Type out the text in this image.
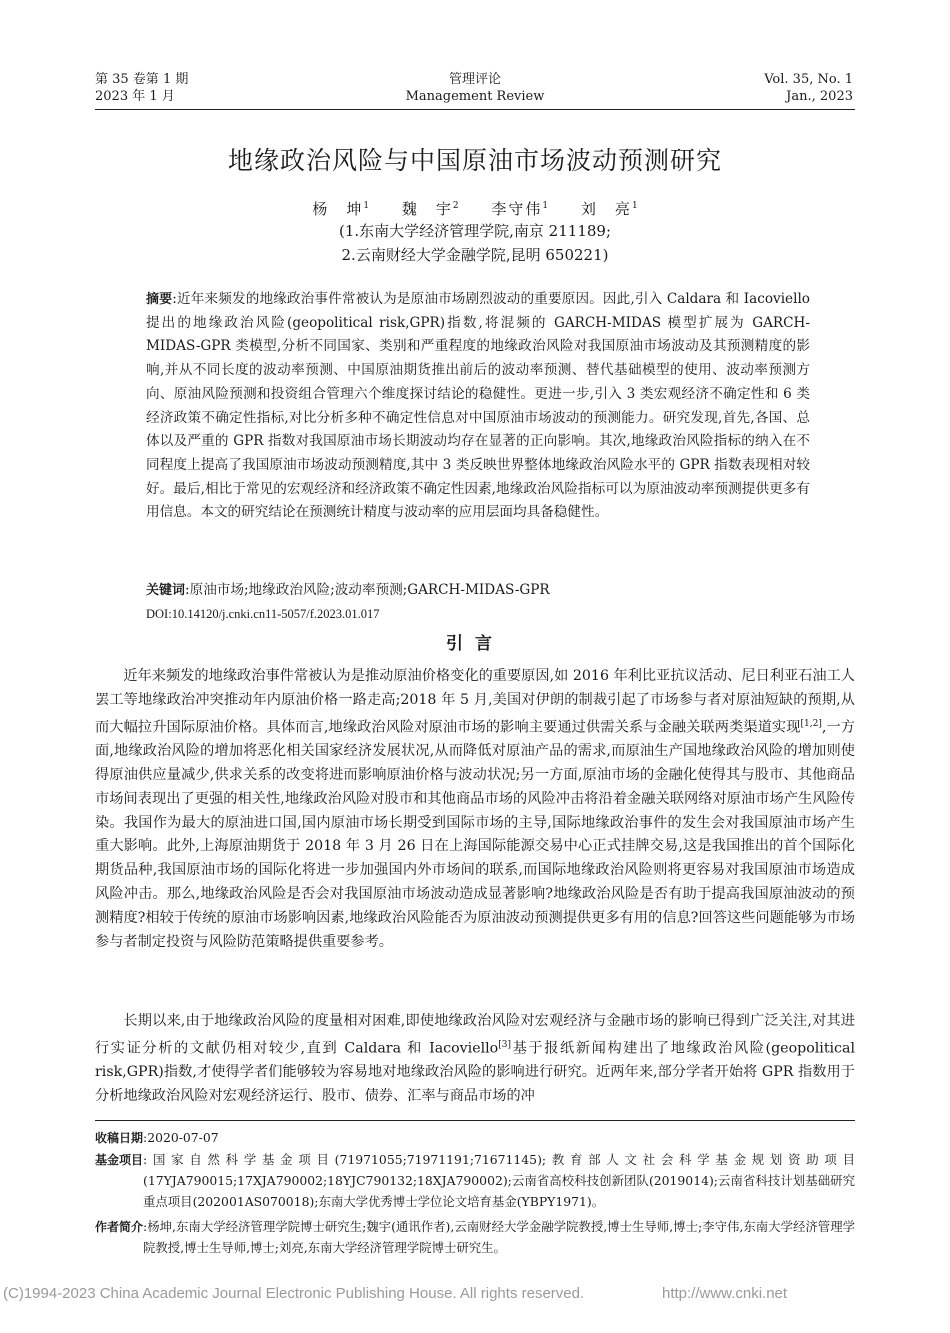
第 35 卷第 1 期
2023 年 1 月
管理评论
Management Review
Vol. 35, No. 1
Jan., 2023
地缘政治风险与中国原油市场波动预测研究
杨　坤$^1$ 魏　宇$^2$ 李守伟$^1$ 刘　亮$^1$
(1.东南大学经济管理学院,南京 211189;
2.云南财经大学金融学院,昆明 650221)
摘要:近年来频发的地缘政治事件常被认为是原油市场剧烈波动的重要原因。因此,引入 Caldara 和 Iacoviello 提出的地缘政治风险(geopolitical risk,GPR)指数,将混频的 GARCH-MIDAS 模型扩展为 GARCH-MIDAS-GPR 类模型,分析不同国家、类别和严重程度的地缘政治风险对我国原油市场波动及其预测精度的影响,并从不同长度的波动率预测、中国原油期货推出前后的波动率预测、替代基础模型的使用、波动率预测方向、原油风险预测和投资组合管理六个维度探讨结论的稳健性。更进一步,引入 3 类宏观经济不确定性和 6 类经济政策不确定性指标,对比分析多种不确定性信息对中国原油市场波动的预测能力。研究发现,首先,各国、总体以及严重的 GPR 指数对我国原油市场长期波动均存在显著的正向影响。其次,地缘政治风险指标的纳入在不同程度上提高了我国原油市场波动预测精度,其中 3 类反映世界整体地缘政治风险水平的 GPR 指数表现相对较好。最后,相比于常见的宏观经济和经济政策不确定性因素,地缘政治风险指标可以为原油波动率预测提供更多有用信息。本文的研究结论在预测统计精度与波动率的应用层面均具备稳健性。
关键词:原油市场;地缘政治风险;波动率预测;GARCH-MIDAS-GPR
DOI:10.14120/j.cnki.cn11-5057/f.2023.01.017
引言

近年来频发的地缘政治事件常被认为是推动原油价格变化的重要原因,如 2016 年利比亚抗议活动、尼日利亚石油工人罢工等地缘政治冲突推动年内原油价格一路走高;2018 年 5 月,美国对伊朗的制裁引起了市场参与者对原油短缺的预期,从而大幅拉升国际原油价格。具体而言,地缘政治风险对原油市场的影响主要通过供需关系与金融关联两类渠道实现[1,2],一方面,地缘政治风险的增加将恶化相关国家经济发展状况,从而降低对原油产品的需求,而原油生产国地缘政治风险的增加则使得原油供应量减少,供求关系的改变将进而影响原油价格与波动状况;另一方面,原油市场的金融化使得其与股市、其他商品市场间表现出了更强的相关性,地缘政治风险对股市和其他商品市场的风险冲击将沿着金融关联网络对原油市场产生风险传染。我国作为最大的原油进口国,国内原油市场长期受到国际市场的主导,国际地缘政治事件的发生会对我国原油市场产生重大影响。此外,上海原油期货于 2018 年 3 月 26 日在上海国际能源交易中心正式挂牌交易,这是我国推出的首个国际化期货品种,我国原油市场的国际化将进一步加强国内外市场间的联系,而国际地缘政治风险则将更容易对我国原油市场造成风险冲击。那么,地缘政治风险是否会对我国原油市场波动造成显著影响?地缘政治风险是否有助于提高我国原油波动的预测精度?相较于传统的原油市场影响因素,地缘政治风险能否为原油波动预测提供更多有用的信息?回答这些问题能够为市场参与者制定投资与风险防范策略提供重要参考。

长期以来,由于地缘政治风险的度量相对困难,即使地缘政治风险对宏观经济与金融市场的影响已得到广泛关注,对其进行实证分析的文献仍相对较少,直到 Caldara 和 Iacoviello[3]基于报纸新闻构建出了地缘政治风险(geopolitical risk,GPR)指数,才使得学者们能够较为容易地对地缘政治风险的影响进行研究。近两年来,部分学者开始将 GPR 指数用于分析地缘政治风险对宏观经济运行、股市、债券、汇率与商品市场的冲

收稿日期:2020-07-07
基金项目 :国家自然科学基金项目(71971055;71971191;71671145);教育部人文社会科学基金规划资助项目(17YJA790015;17XJA790002;18YJC790132;18XJA790002);云南省高校科技创新团队(2019014);云南省科技计划基础研究重点项目(202001AS070018);东南大学优秀博士学位论文培育基金(YBPY1971)。
作者简介 :杨坤,东南大学经济管理学院博士研究生;魏宇(通讯作者),云南财经大学金融学院教授,博士生导师,博士;李守伟,东南大学经济管理学院教授,博士生导师,博士;刘亮,东南大学经济管理学院博士研究生。
(C)1994-2023 China Academic Journal Electronic Publishing House. All rights reserved.	http://www.cnki.net
